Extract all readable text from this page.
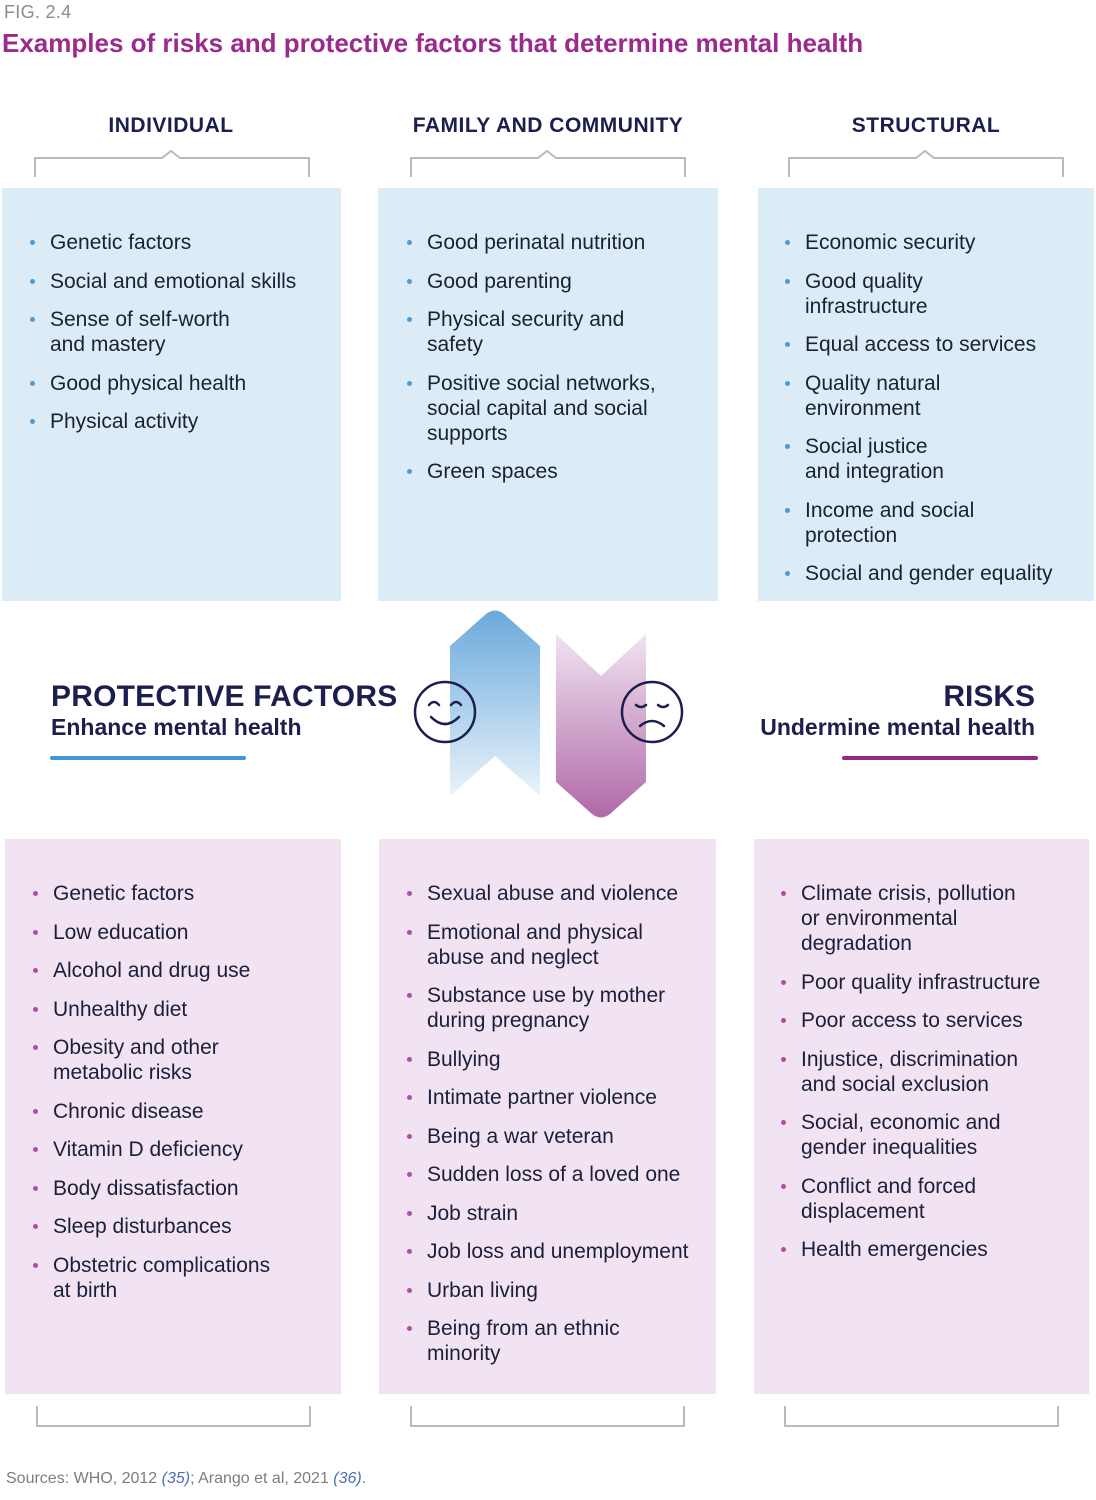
FIG. 2.4
Examples of risks and protective factors that determine mental health
INDIVIDUAL	FAMILY AND COMMUNITY	STRUCTURAL
Genetic factors
Social and emotional skills
Sense of self-worth
and mastery
Good physical health
Physical activity
Good perinatal nutrition
Good parenting
Physical security and
safety
Positive social networks,
social capital and social
supports
Green spaces
Economic security
Good quality
infrastructure
Equal access to services
Quality natural
environment
Social justice
and integration
Income and social
protection
Social and gender equality
PROTECTIVE FACTORS
Enhance mental health
RISKS
Undermine mental health
Genetic factors
Low education
Alcohol and drug use
Unhealthy diet
Obesity and other
metabolic risks
Chronic disease
Vitamin D deficiency
Body dissatisfaction
Sleep disturbances
Obstetric complications
at birth
Sexual abuse and violence
Emotional and physical
abuse and neglect
Substance use by mother
during pregnancy
Bullying
Intimate partner violence
Being a war veteran
Sudden loss of a loved one
Job strain
Job loss and unemployment
Urban living
Being from an ethnic
minority
Climate crisis, pollution
or environmental
degradation
Poor quality infrastructure
Poor access to services
Injustice, discrimination
and social exclusion
Social, economic and
gender inequalities
Conflict and forced
displacement
Health emergencies
Sources: WHO, 2012 (35); Arango et al, 2021 (36).
